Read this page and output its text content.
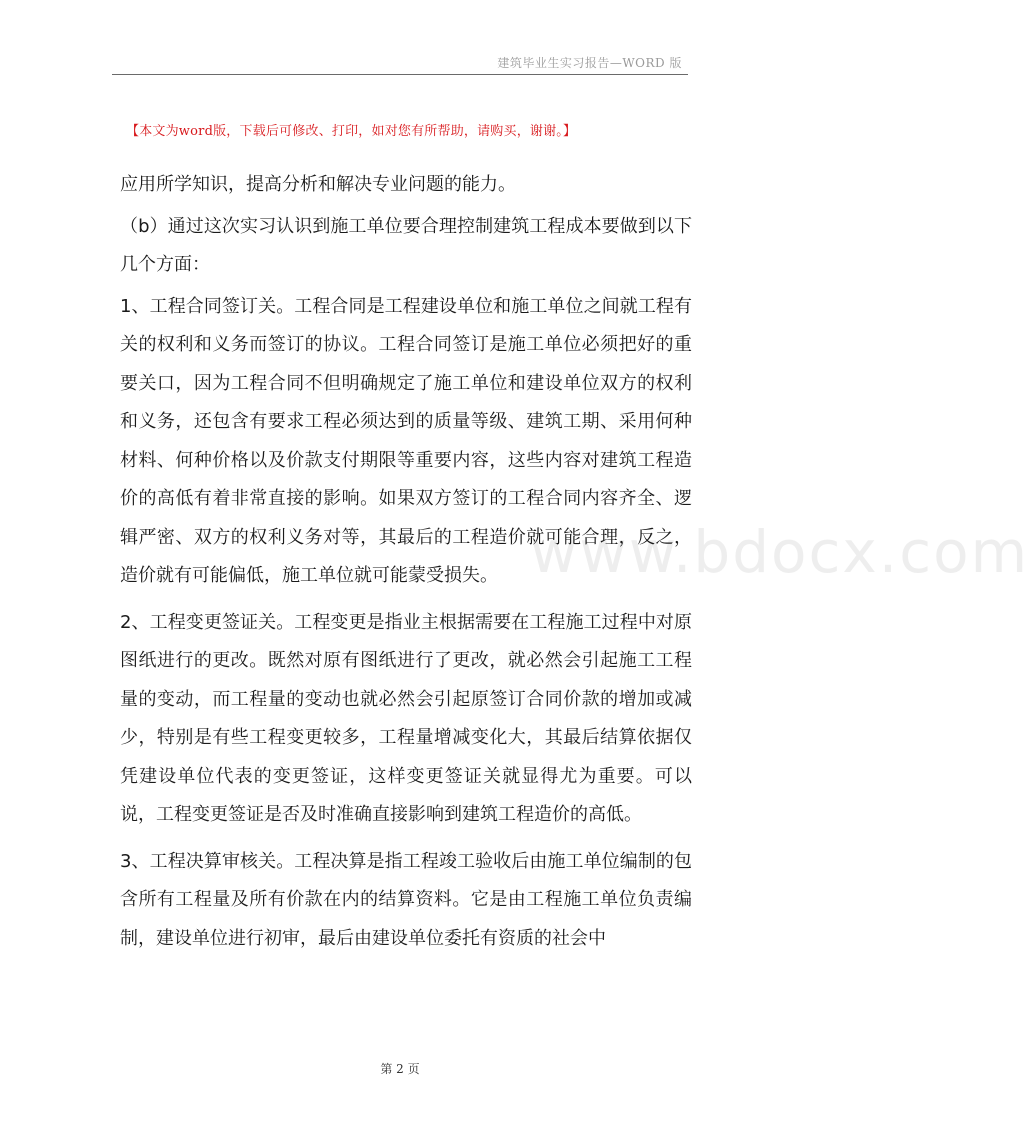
建筑毕业生实习报告—WORD 版
【本文为word版，下载后可修改、打印，如对您有所帮助，请购买，谢谢。】
www.bdocx.com

应用所学知识，提高分析和解决专业问题的能力。

（b）通过这次实习认识到施工单位要合理控制建筑工程成本要做到以下几个方面：

1、工程合同签订关。工程合同是工程建设单位和施工单位之间就工程有关的权利和义务而签订的协议。工程合同签订是施工单位必须把好的重要关口，因为工程合同不但明确规定了施工单位和建设单位双方的权利和义务，还包含有要求工程必须达到的质量等级、建筑工期、采用何种材料、何种价格以及价款支付期限等重要内容，这些内容对建筑工程造价的高低有着非常直接的影响。如果双方签订的工程合同内容齐全、逻辑严密、双方的权利义务对等，其最后的工程造价就可能合理，反之，造价就有可能偏低，施工单位就可能蒙受损失。

2、工程变更签证关。工程变更是指业主根据需要在工程施工过程中对原图纸进行的更改。既然对原有图纸进行了更改，就必然会引起施工工程量的变动，而工程量的变动也就必然会引起原签订合同价款的增加或减少，特别是有些工程变更较多，工程量增减变化大，其最后结算依据仅凭建设单位代表的变更签证，这样变更签证关就显得尤为重要。可以说，工程变更签证是否及时准确直接影响到建筑工程造价的高低。

3、工程决算审核关。工程决算是指工程竣工验收后由施工单位编制的包含所有工程量及所有价款在内的结算资料。它是由工程施工单位负责编制，建设单位进行初审，最后由建设单位委托有资质的社会中

第 2 页
